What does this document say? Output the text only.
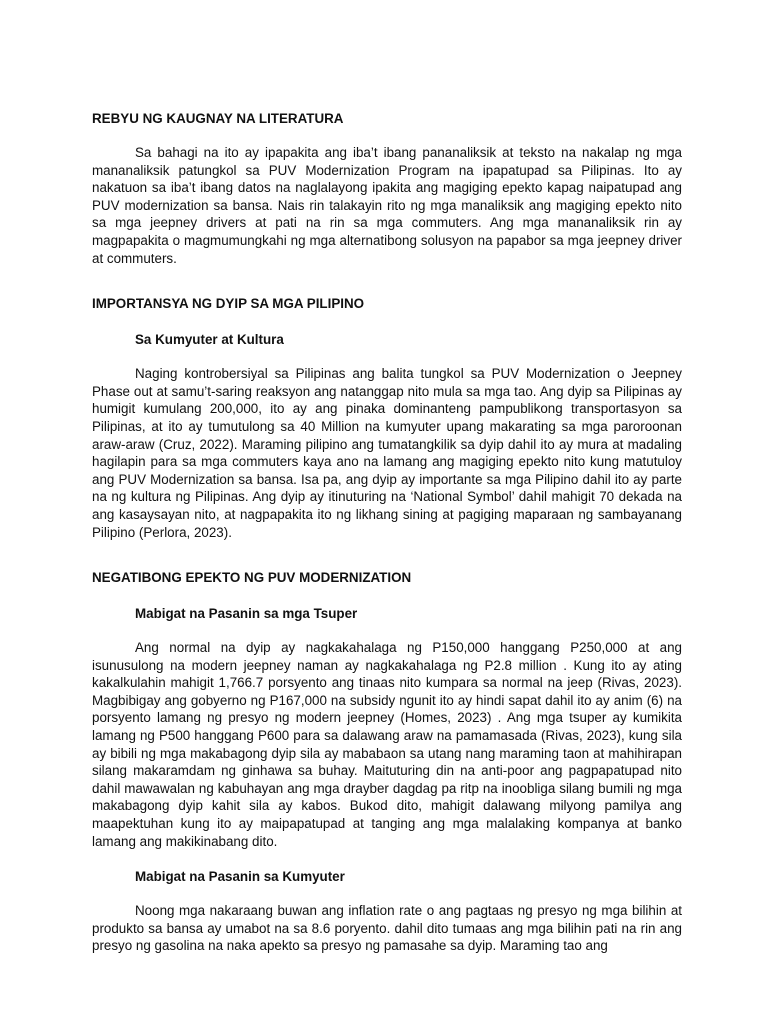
REBYU NG KAUGNAY NA LITERATURA

Sa bahagi na ito ay ipapakita ang iba’t ibang pananaliksik at teksto na nakalap ng mga mananaliksik patungkol sa PUV Modernization Program na ipapatupad sa Pilipinas. Ito ay nakatuon sa iba’t ibang datos na naglalayong ipakita ang magiging epekto kapag naipatupad ang PUV modernization sa bansa. Nais rin talakayin rito ng mga manaliksik ang magiging epekto nito sa mga jeepney drivers at pati na rin sa mga commuters. Ang mga mananaliksik rin ay magpapakita o magmumungkahi ng mga alternatibong solusyon na papabor sa mga jeepney driver at commuters.

IMPORTANSYA NG DYIP SA MGA PILIPINO

Sa Kumyuter at Kultura

Naging kontrobersiyal sa Pilipinas ang balita tungkol sa PUV Modernization o Jeepney Phase out at samu’t-saring reaksyon ang natanggap nito mula sa mga tao. Ang dyip sa Pilipinas ay humigit kumulang 200,000, ito ay ang pinaka dominanteng pampublikong transportasyon sa Pilipinas, at ito ay tumutulong sa 40 Million na kumyuter upang makarating sa mga paroroonan araw-araw (Cruz, 2022). Maraming pilipino ang tumatangkilik sa dyip dahil ito ay mura at madaling hagilapin para sa mga commuters kaya ano na lamang ang magiging epekto nito kung matutuloy ang PUV Modernization sa bansa. Isa pa, ang dyip ay importante sa mga Pilipino dahil ito ay parte na ng kultura ng Pilipinas. Ang dyip ay itinuturing na ‘National Symbol’ dahil mahigit 70 dekada na ang kasaysayan nito, at nagpapakita ito ng likhang sining at pagiging maparaan ng sambayanang Pilipino (Perlora, 2023).

NEGATIBONG EPEKTO NG PUV MODERNIZATION

Mabigat na Pasanin sa mga Tsuper

Ang normal na dyip ay nagkakahalaga ng P150,000 hanggang P250,000 at ang isunusulong na modern jeepney naman ay nagkakahalaga ng P2.8 million . Kung ito ay ating kakalkulahin mahigit 1,766.7 porsyento ang tinaas nito kumpara sa normal na jeep (Rivas, 2023). Magbibigay ang gobyerno ng P167,000 na subsidy ngunit ito ay hindi sapat dahil ito ay anim (6) na porsyento lamang ng presyo ng modern jeepney (Homes, 2023) . Ang mga tsuper ay kumikita lamang ng P500 hanggang P600 para sa dalawang araw na pamamasada (Rivas, 2023), kung sila ay bibili ng mga makabagong dyip sila ay mababaon sa utang nang maraming taon at mahihirapan silang makaramdam ng ginhawa sa buhay. Maituturing din na anti-poor ang pagpapatupad nito dahil mawawalan ng kabuhayan ang mga drayber dagdag pa ritp na inoobliga silang bumili ng mga makabagong dyip kahit sila ay kabos. Bukod dito, mahigit dalawang milyong pamilya ang maapektuhan kung ito ay maipapatupad at tanging ang mga malalaking kompanya at banko lamang ang makikinabang dito.

Mabigat na Pasanin sa Kumyuter

Noong mga nakaraang buwan ang inflation rate o ang pagtaas ng presyo ng mga bilihin at produkto sa bansa ay umabot na sa 8.6 poryento. dahil dito tumaas ang mga bilihin pati na rin ang presyo ng gasolina na naka apekto sa presyo ng pamasahe sa dyip. Maraming tao ang
